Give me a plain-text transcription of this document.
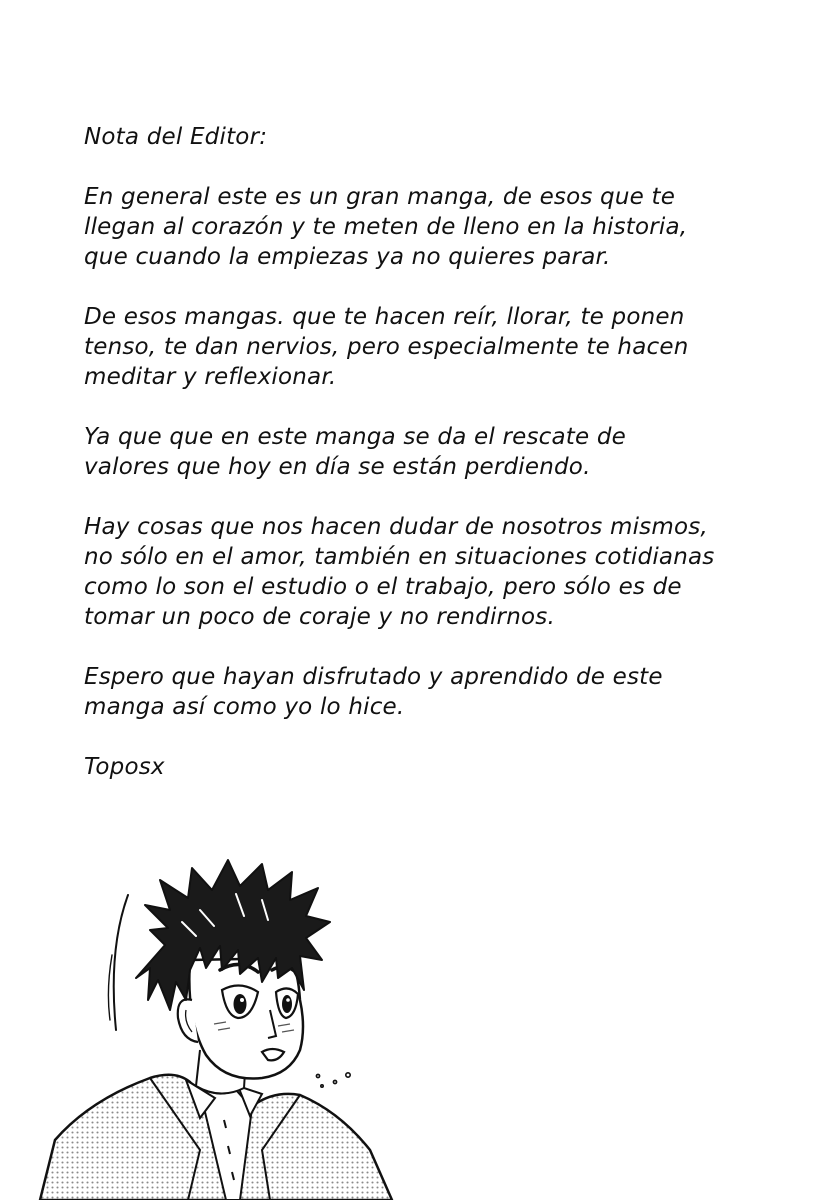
Nota del Editor:

En general este es un gran manga, de esos que te
llegan al corazón y te meten de lleno en la historia,
que cuando la empiezas ya no quieres parar.

De esos mangas. que te hacen reír, llorar, te ponen
tenso, te dan nervios, pero especialmente te hacen
meditar y reflexionar.

Ya que que en este manga se da el rescate de
valores que hoy en día se están perdiendo.

Hay cosas que nos hacen dudar de nosotros mismos,
no sólo en el amor, también en situaciones cotidianas
como lo son el estudio o el trabajo, pero sólo es de
tomar un poco de coraje y no rendirnos.

Espero que hayan disfrutado y aprendido de este
manga así como yo lo hice.

Toposx
